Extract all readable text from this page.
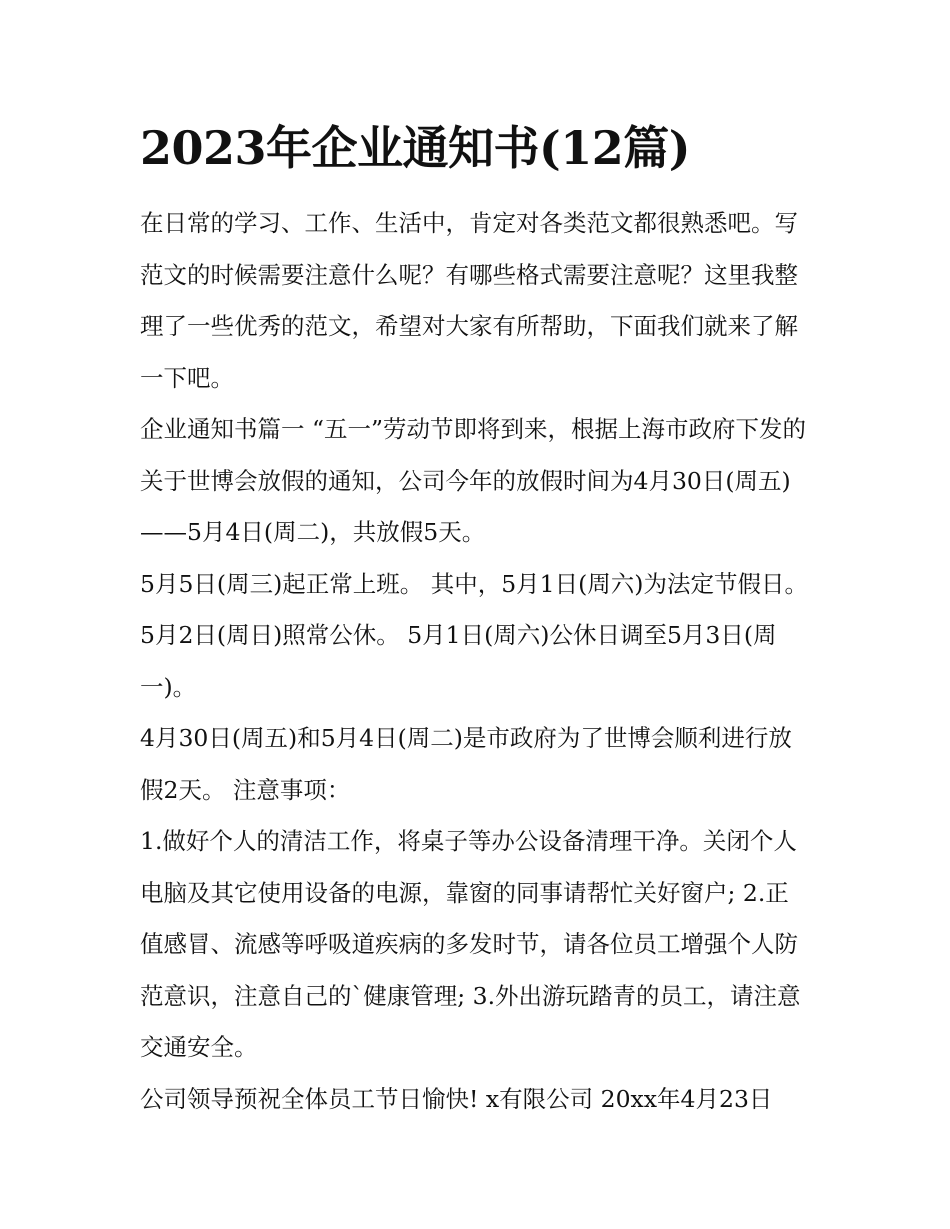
2023年企业通知书(12篇)

在日常的学习、工作、生活中，肯定对各类范文都很熟悉吧。写范文的时候需要注意什么呢？有哪些格式需要注意呢？这里我整理了一些优秀的范文，希望对大家有所帮助，下面我们就来了解一下吧。

企业通知书篇一 “五一”劳动节即将到来，根据上海市政府下发的关于世博会放假的通知，公司今年的放假时间为4月30日(周五)——5月4日(周二)，共放假5天。

5月5日(周三)起正常上班。 其中，5月1日(周六)为法定节假日。 5月2日(周日)照常公休。 5月1日(周六)公休日调至5月3日(周一)。

4月30日(周五)和5月4日(周二)是市政府为了世博会顺利进行放假2天。 注意事项：

1.做好个人的清洁工作，将桌子等办公设备清理干净。关闭个人电脑及其它使用设备的电源，靠窗的同事请帮忙关好窗户; 2.正值感冒、流感等呼吸道疾病的多发时节，请各位员工增强个人防范意识，注意自己的`健康管理; 3.外出游玩踏青的员工，请注意交通安全。

公司领导预祝全体员工节日愉快! x有限公司 20xx年4月23日
